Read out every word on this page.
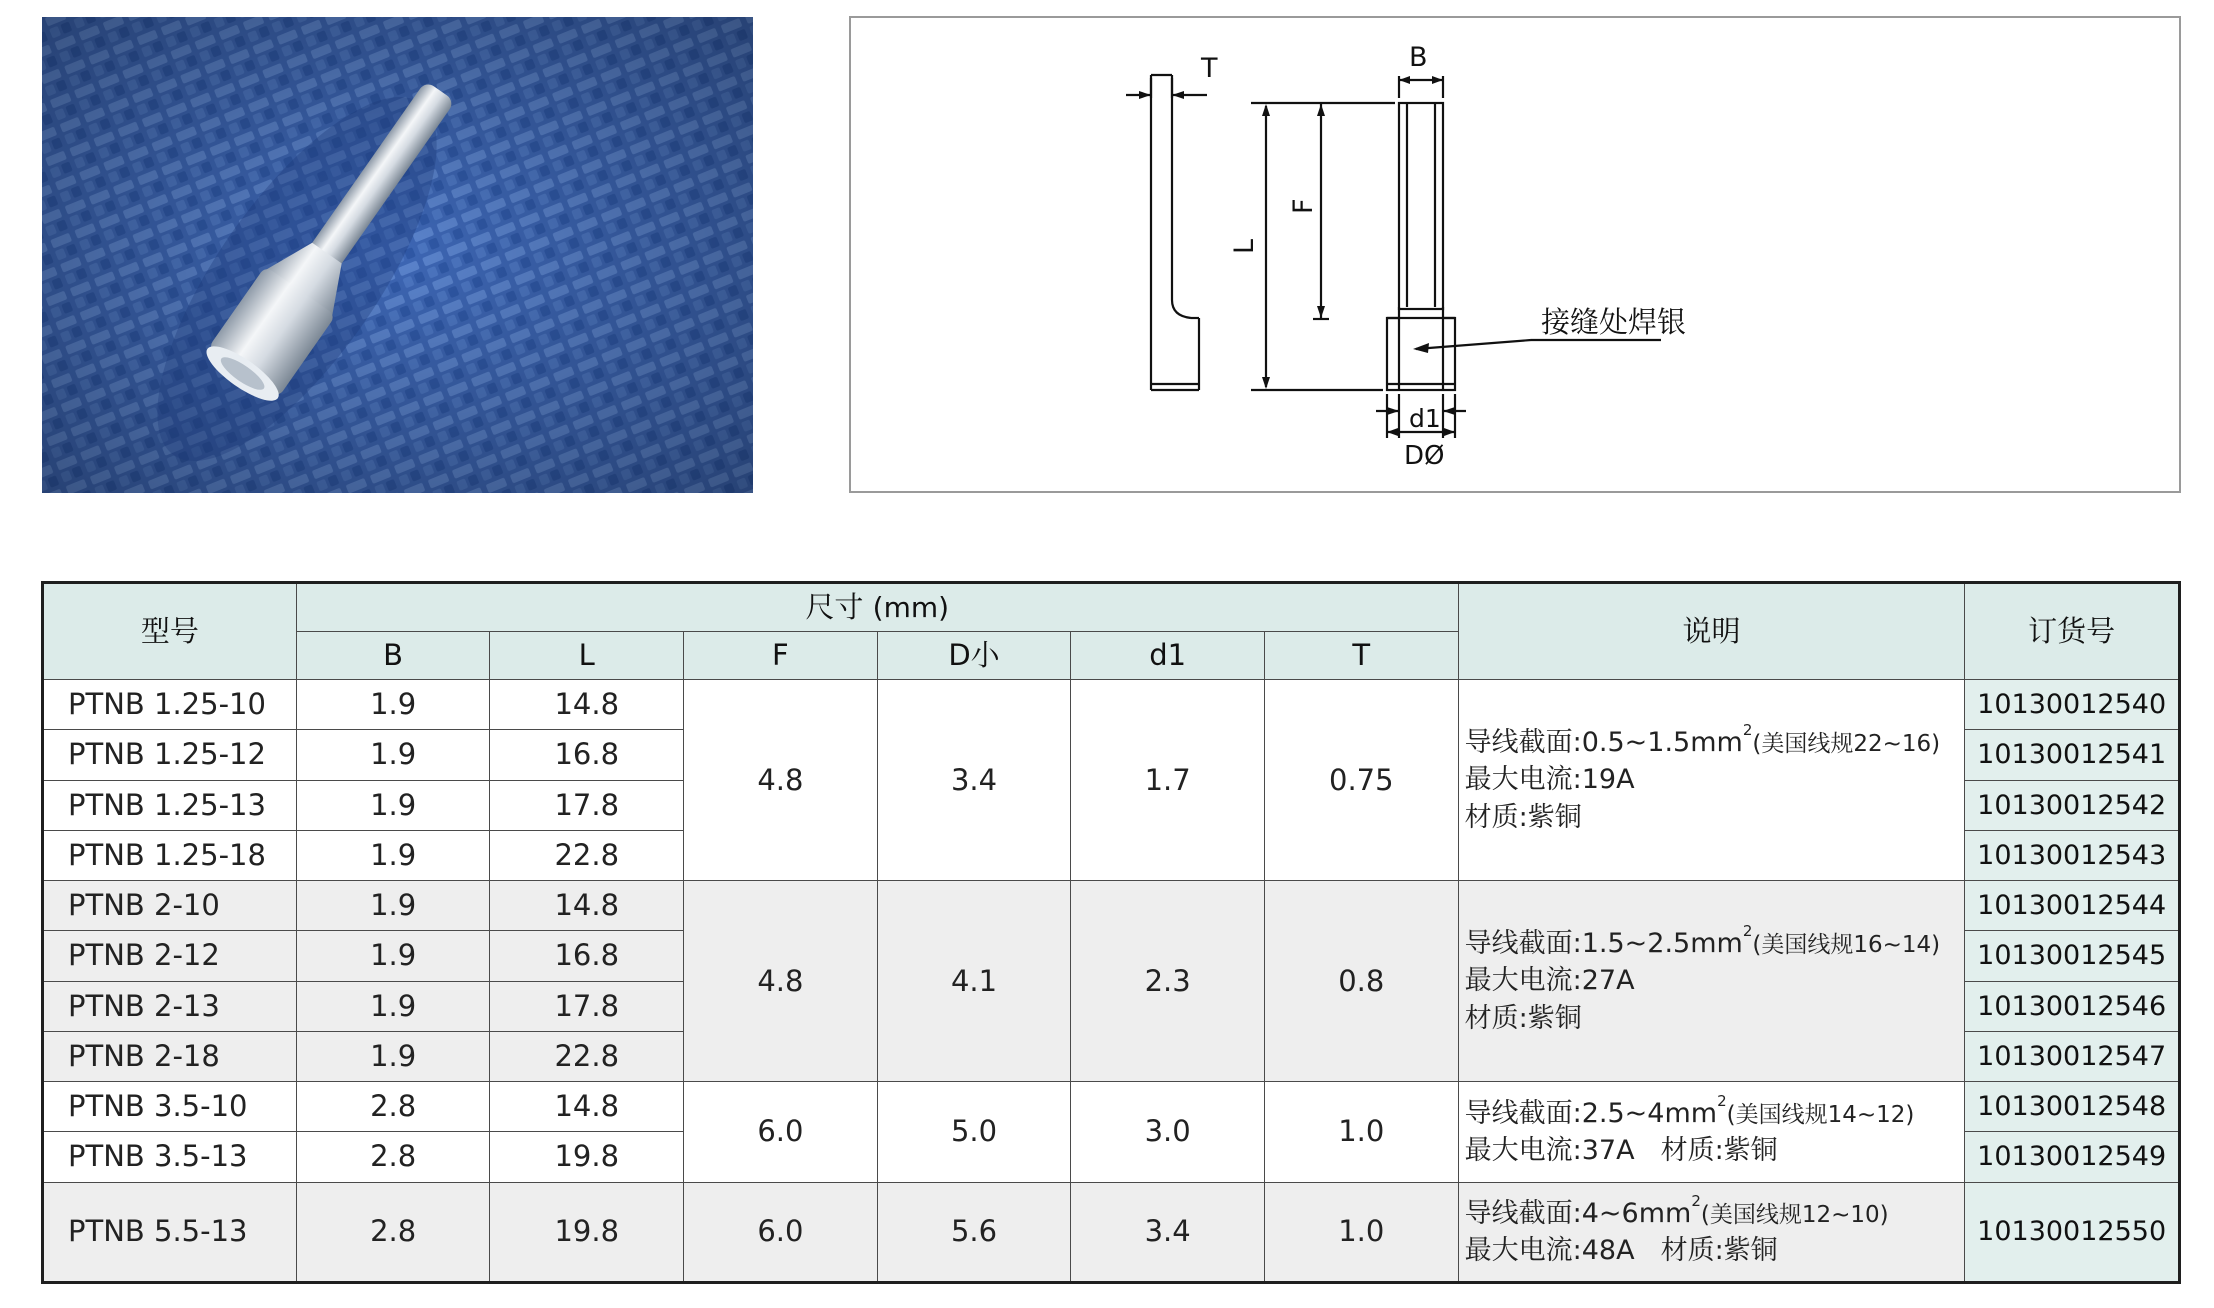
T	B
L
F
d1
DØ
接缝处焊银
型号	尺寸 (mm)						说明	订货号
	B	L	F	D小	d1	T		
PTNB 1.25-10	1.9	14.8	4.8	3.4	1.7	0.75	导线截面$:0.5\sim 1.5mm^2$(美国线规22~16)
最大电流:19A
材质:紫铜	10130012540
PTNB 1.25-12	1.9	16.8						10130012541
PTNB 1.25-13	1.9	17.8						10130012542
PTNB 1.25-18	1.9	22.8						10130012543
PTNB 2-10	1.9	14.8	4.8	4.1	2.3	0.8	导线截面$:1.5\sim 2.5mm^2$(美国线规16~14)
最大电流:27A
材质:紫铜	10130012544
PTNB 2-12	1.9	16.8						10130012545
PTNB 2-13	1.9	17.8						10130012546
PTNB 2-18	1.9	22.8						10130012547
PTNB 3.5-10	2.8	14.8	6.0	5.0	3.0	1.0	导线截面$:2.5\sim 4mm^2$(美国线规14~12)
最大电流:37A 材质:紫铜	10130012548
PTNB 3.5-13	2.8	19.8						10130012549
PTNB 5.5-13	2.8	19.8	6.0	5.6	3.4	1.0	导线截面$:4\sim 6mm^2$(美国线规12~10)
最大电流:48A 材质:紫铜	10130012550
